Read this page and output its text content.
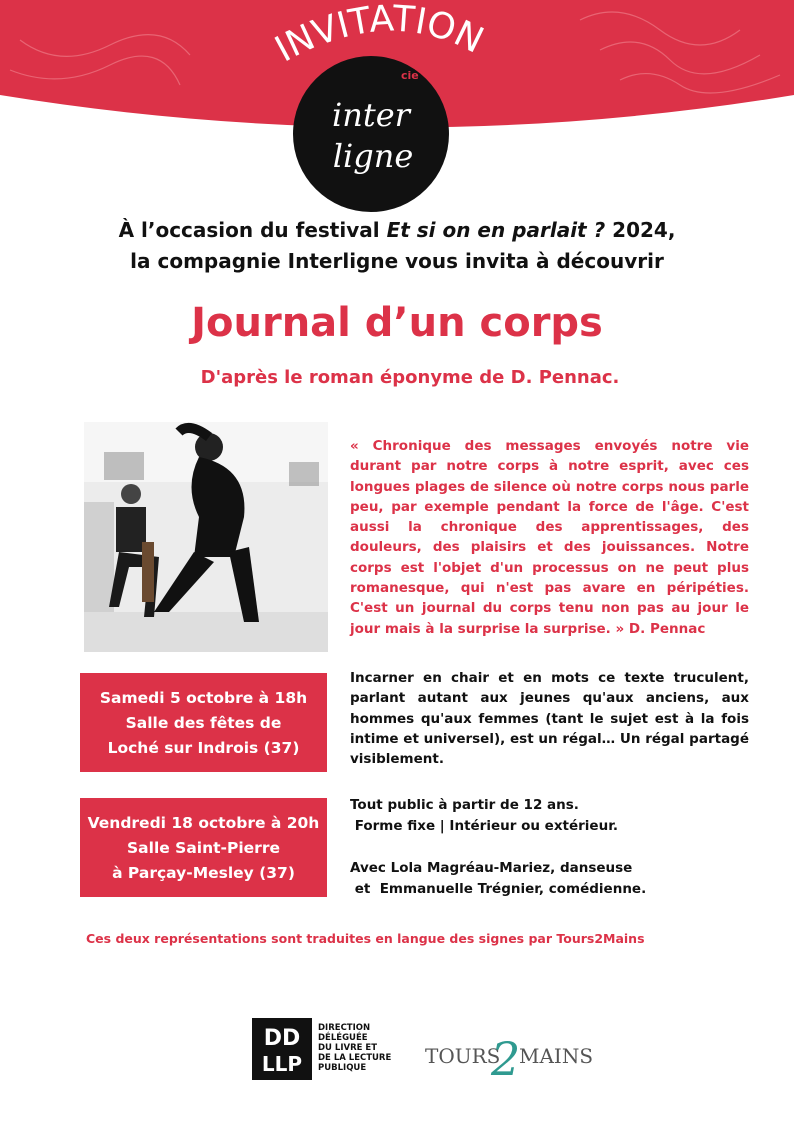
INVITATION
cie
inter
ligne
À l’occasion du festival Et si on en parlait ? 2024,
la compagnie Interligne vous invita à découvrir
Journal d’un corps
D'après le roman éponyme de D. Pennac.

« Chronique des messages envoyés notre vie durant par notre corps à notre esprit, avec ces longues plages de silence où notre corps nous parle peu, par exemple pendant la force de l'âge. C'est aussi la chronique des apprentissages, des douleurs, des plaisirs et des jouissances. Notre corps est l'objet d'un processus on ne peut plus romanesque, qui n'est pas avare en péripéties. C'est un journal du corps tenu non pas au jour le jour mais à la surprise la surprise. » D. Pennac

Incarner en chair et en mots ce texte truculent, parlant autant aux jeunes qu'aux anciens, aux hommes qu'aux femmes (tant le sujet est à la fois intime et universel), est un régal… Un régal partagé visiblement.

Tout public à partir de 12 ans.
Forme fixe | Intérieur ou extérieur.
Avec Lola Magréau-Mariez, danseuse
et  Emmanuelle Trégnier, comédienne.
Samedi 5 octobre à 18h
Salle des fêtes de
Loché sur Indrois (37)
Vendredi 18 octobre à 20h
Salle Saint-Pierre
à Parçay-Mesley (37)
Ces deux représentations sont traduites en langue des signes par Tours2Mains
DD
LLP
DIRECTION
DÉLÉGUÉE
DU LIVRE ET
DE LA LECTURE
PUBLIQUE	TOURS
2
MAINS
